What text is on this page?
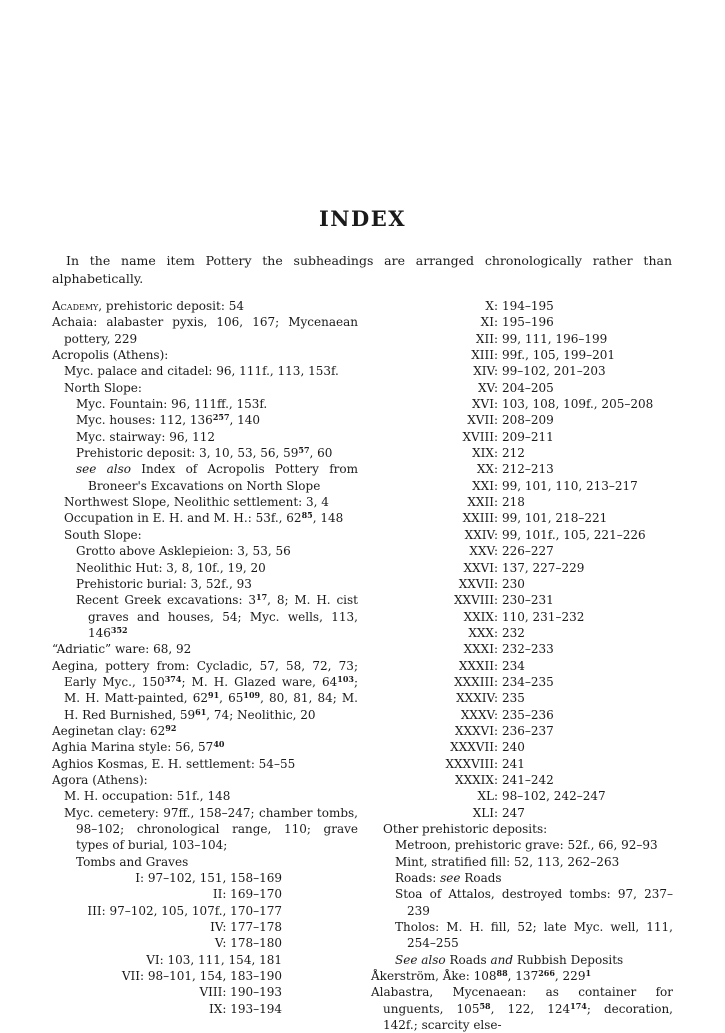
INDEX

In the name item Pottery the subheadings are arranged chronologically rather than alphabetically.

Academy, prehistoric deposit: 54

Achaia: alabaster pyxis, 106, 167; Mycenaean pottery, 229

Acropolis (Athens):

Myc. palace and citadel: 96, 111f., 113, 153f.

North Slope:

Myc. Fountain: 96, 111ff., 153f.

Myc. houses: 112, $136^{257}$, 140

Myc. stairway: 96, 112

Prehistoric deposit: 3, 10, 53, 56, $59^{57}$, 60

see also Index of Acropolis Pottery from Broneer's Excavations on North Slope

Northwest Slope, Neolithic settlement: 3, 4

Occupation in E. H. and M. H.: 53f., $62^{85}$, 148

South Slope:

Grotto above Asklepieion: 3, 53, 56

Neolithic Hut: 3, 8, 10f., 19, 20

Prehistoric burial: 3, 52f., 93

Recent Greek excavations: $3^{17}$, 8; M. H. cist graves and houses, 54; Myc. wells, 113, $146^{352}$

“Adriatic” ware: 68, 92

Aegina, pottery from: Cycladic, 57, 58, 72, 73; Early Myc., $150^{374}$; M. H. Glazed ware, $64^{103}$; M. H. Matt-painted, $62^{91}$, $65^{109}$, 80, 81, 84; M. H. Red Burnished, $59^{61}$, 74; Neolithic, 20

Aeginetan clay: $62^{92}$

Aghia Marina style: 56, $57^{40}$

Aghios Kosmas, E. H. settlement: 54–55

Agora (Athens):

M. H. occupation: 51f., 148

Myc. cemetery: 97ff., 158–247; chamber tombs, 98–102; chronological range, 110; grave types of burial, 103–104;

Tombs and Graves

I: 97–102, 151, 158–169
II: 169–170
III: 97–102, 105, 107f., 170–177
IV: 177–178
V: 178–180
VI: 103, 111, 154, 181
VII: 98–101, 154, 183–190
VIII: 190–193
IX: 193–194
X: 194–195
XI: 195–196
XII: 99, 111, 196–199
XIII: 99f., 105, 199–201
XIV: 99–102, 201–203
XV: 204–205
XVI: 103, 108, 109f., 205–208
XVII: 208–209
XVIII: 209–211
XIX: 212
XX: 212–213
XXI: 99, 101, 110, 213–217
XXII: 218
XXIII: 99, 101, 218–221
XXIV: 99, 101f., 105, 221–226
XXV: 226–227
XXVI: 137, 227–229
XXVII: 230
XXVIII: 230–231
XXIX: 110, 231–232
XXX: 232
XXXI: 232–233
XXXII: 234
XXXIII: 234–235
XXXIV: 235
XXXV: 235–236
XXXVI: 236–237
XXXVII: 240
XXXVIII: 241
XXXIX: 241–242
XL: 98–102, 242–247
XLI: 247

Other prehistoric deposits:

Metroon, prehistoric grave: 52f., 66, 92–93

Mint, stratified fill: 52, 113, 262–263

Roads: see Roads

Stoa of Attalos, destroyed tombs: 97, 237–239

Tholos: M. H. fill, 52; late Myc. well, 111, 254–255

See also Roads and Rubbish Deposits

Åkerström, Åke: $108^{88}$, $137^{266}$, $229^1$

Alabastra, Mycenaean: as container for unguents, $105^{58}$, 122, $124^{174}$; decoration, 142f.; scarcity else-
